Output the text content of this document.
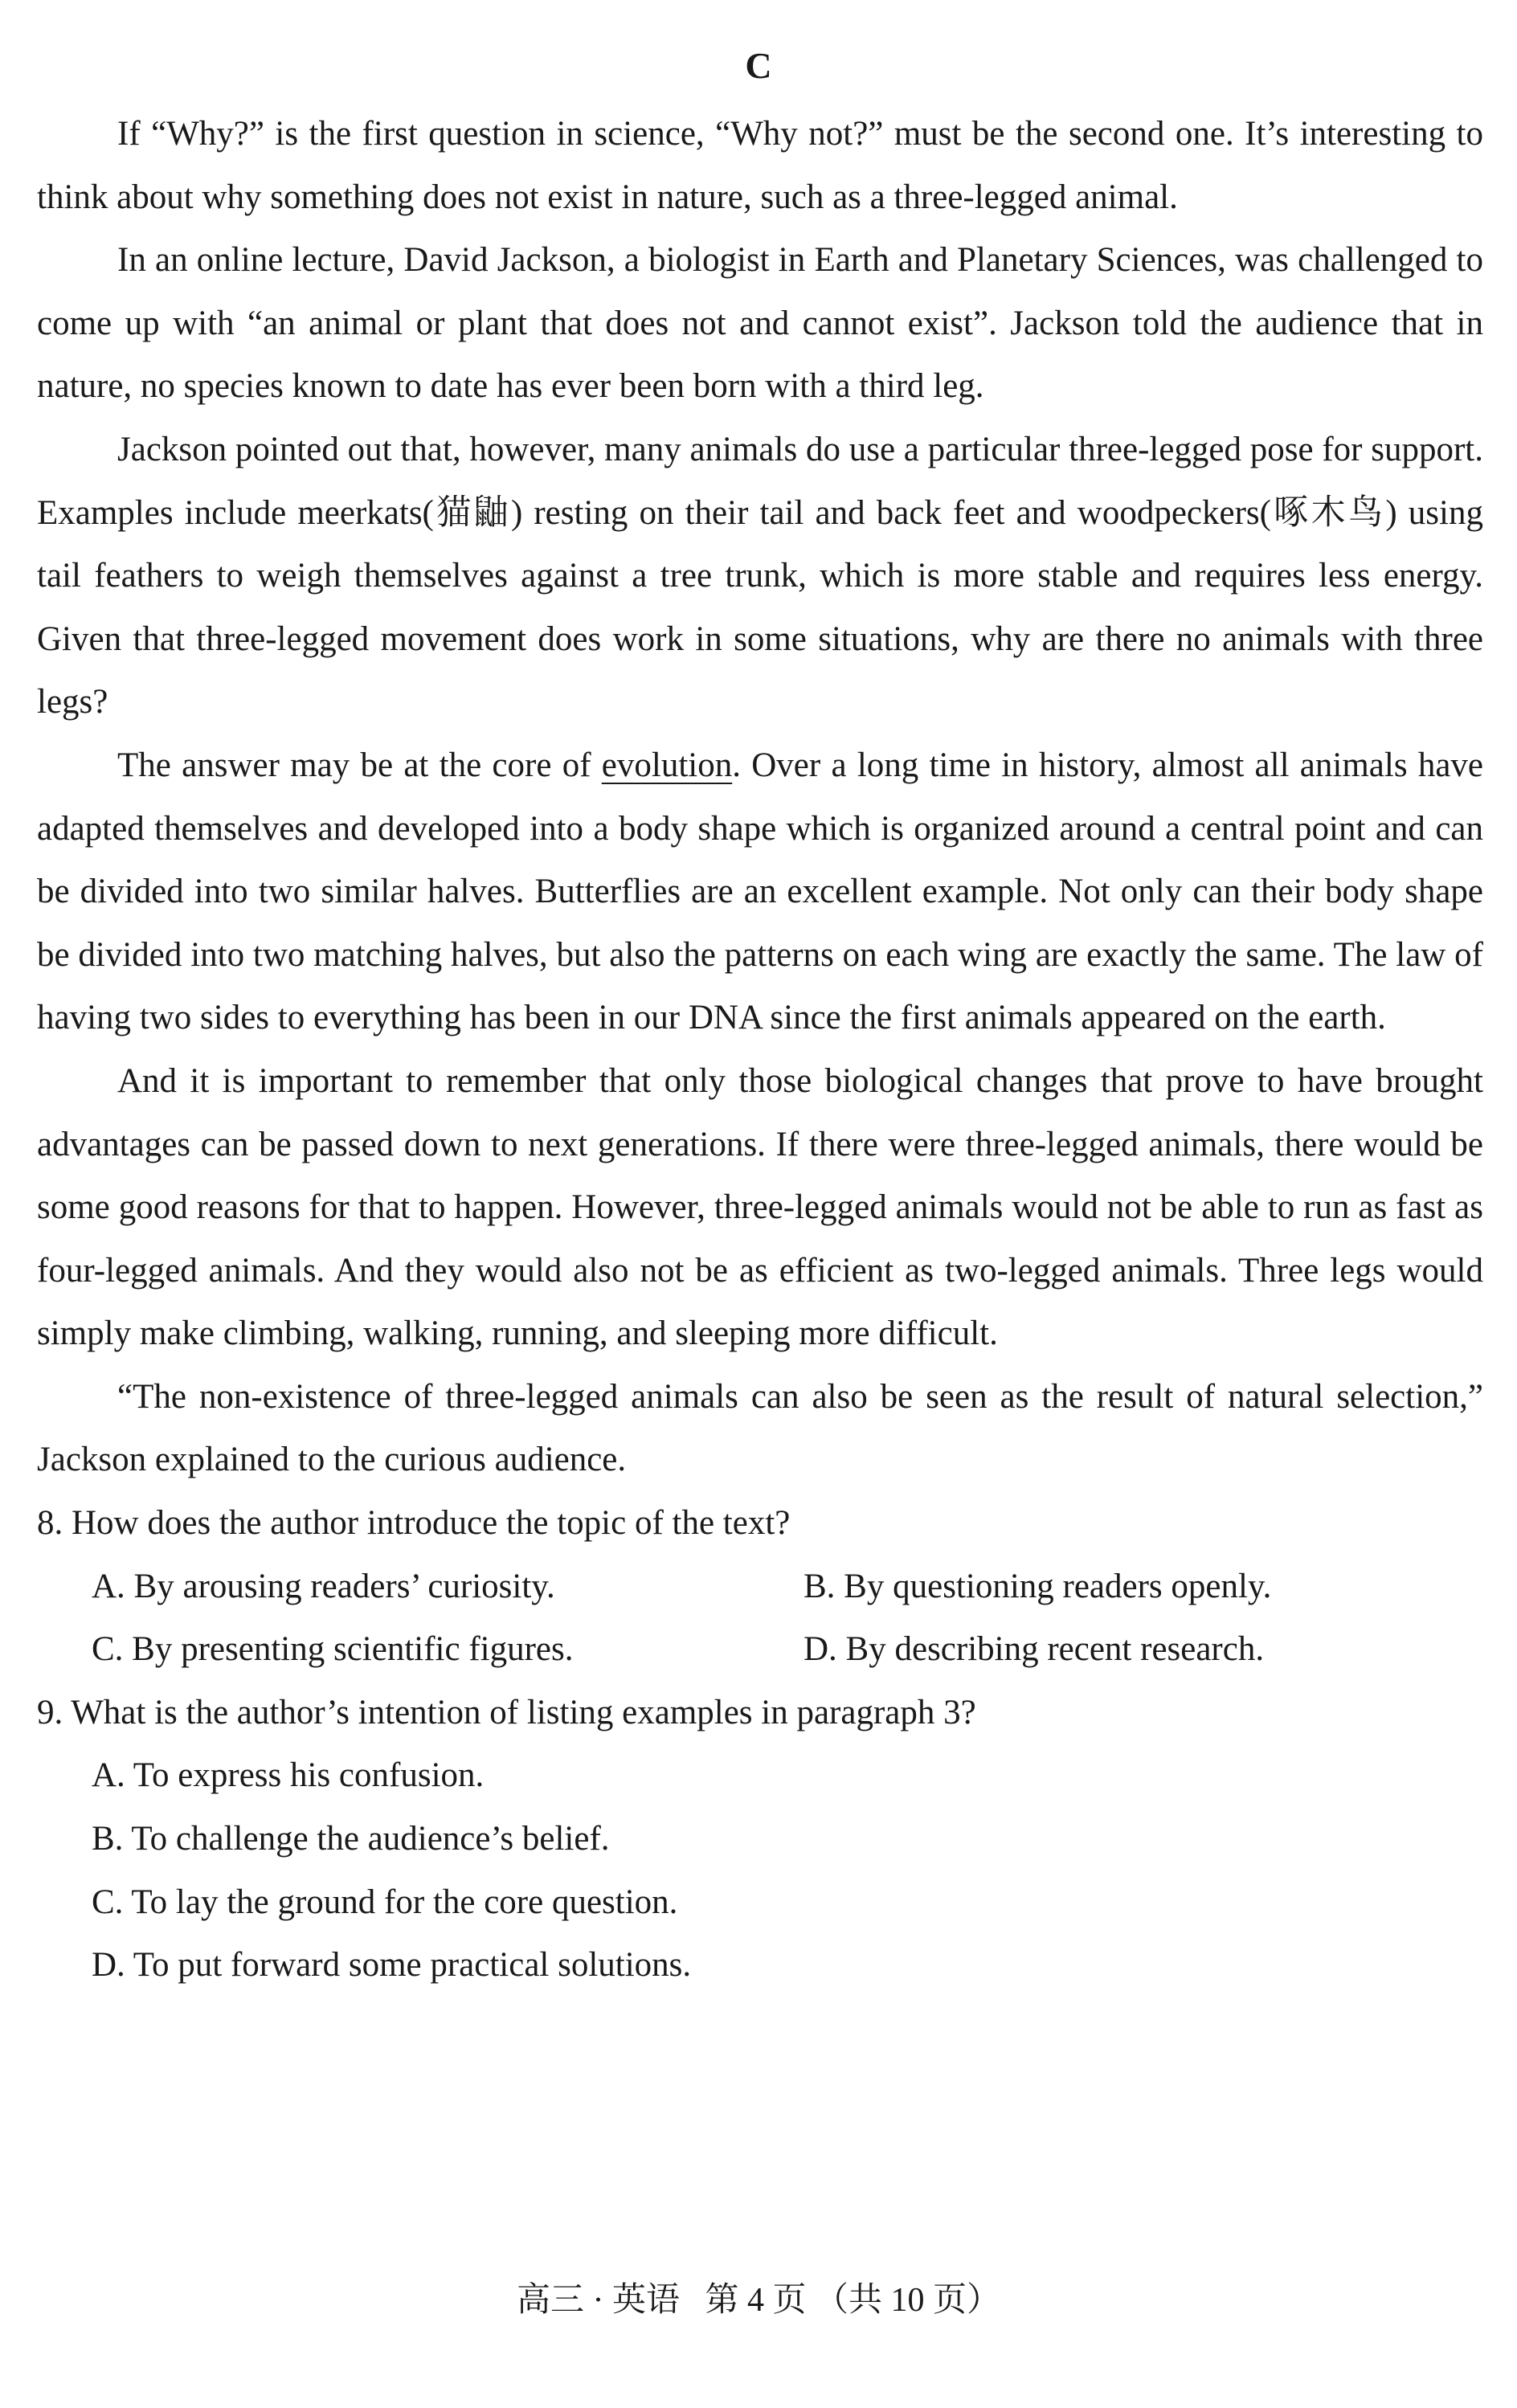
C

If “Why?” is the first question in science, “Why not?” must be the second one. It’s interesting to think about why something does not exist in nature, such as a three-legged animal.

In an online lecture, David Jackson, a biologist in Earth and Planetary Sciences, was challenged to come up with “an animal or plant that does not and cannot exist”. Jackson told the audience that in nature, no species known to date has ever been born with a third leg.

Jackson pointed out that, however, many animals do use a particular three-legged pose for support. Examples include meerkats(猫鼬) resting on their tail and back feet and woodpeckers(啄木鸟) using tail feathers to weigh themselves against a tree trunk, which is more stable and requires less energy. Given that three-legged movement does work in some situations, why are there no animals with three legs?

The answer may be at the core of evolution. Over a long time in history, almost all animals have adapted themselves and developed into a body shape which is organized around a central point and can be divided into two similar halves. Butterflies are an excellent example. Not only can their body shape be divided into two matching halves, but also the patterns on each wing are exactly the same. The law of having two sides to everything has been in our DNA since the first animals appeared on the earth.

And it is important to remember that only those biological changes that prove to have brought advantages can be passed down to next generations. If there were three-legged animals, there would be some good reasons for that to happen. However, three-legged animals would not be able to run as fast as four-legged animals. And they would also not be as efficient as two-legged animals. Three legs would simply make climbing, walking, running, and sleeping more difficult.

“The non-existence of three-legged animals can also be seen as the result of natural selection,” Jackson explained to the curious audience.

8. How does the author introduce the topic of the text?
A. By arousing readers’ curiosity.	B. By questioning readers openly.
C. By presenting scientific figures.	D. By describing recent research.
9. What is the author’s intention of listing examples in paragraph 3?
A. To express his confusion.
B. To challenge the audience’s belief.
C. To lay the ground for the core question.
D. To put forward some practical solutions.
高三 · 英语   第 4 页 （共 10 页）
